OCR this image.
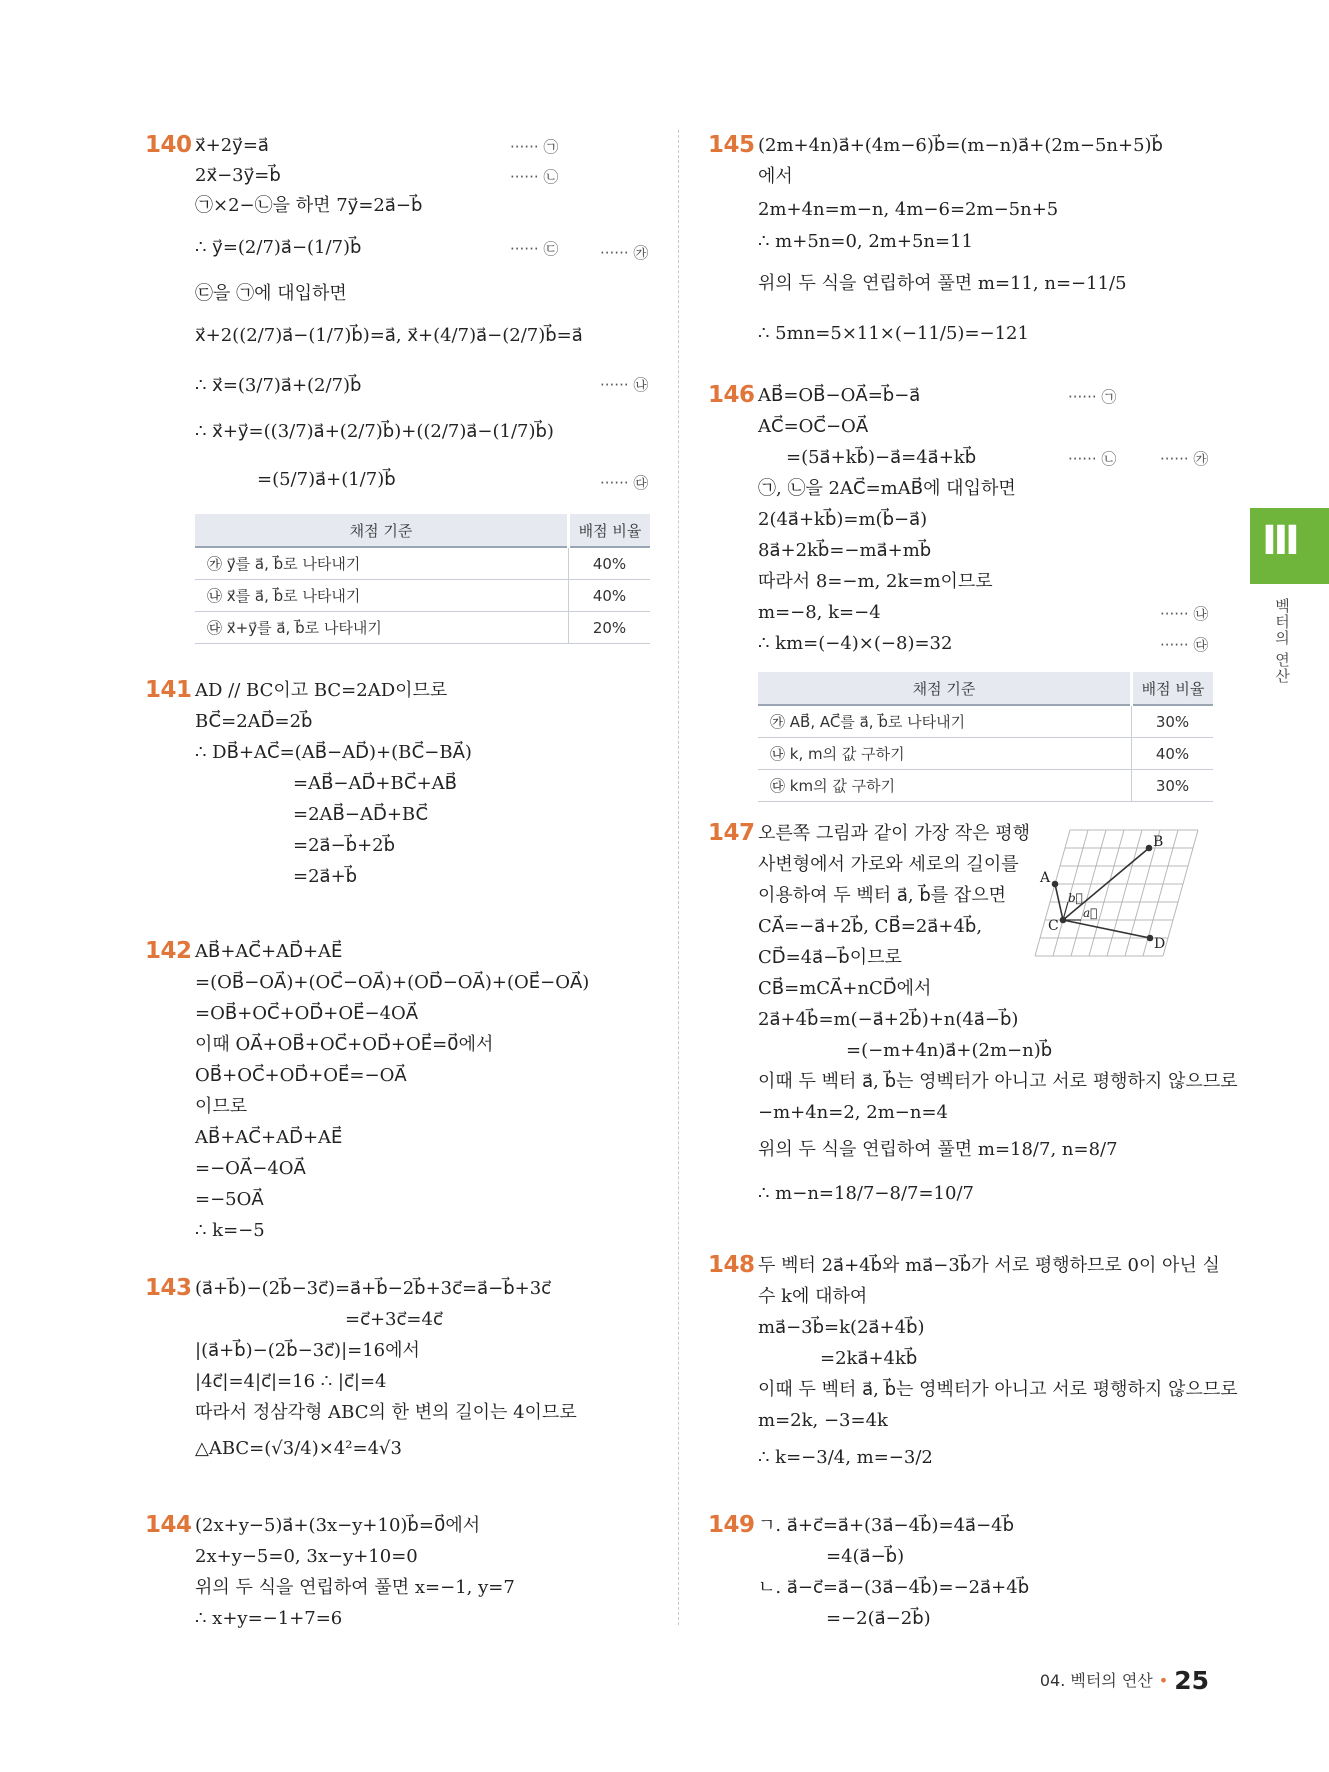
140 x⃗+2y⃗=a⃗	······ ㉠
2x⃗−3y⃗=b⃗	······ ㉡
㉠×2−㉡을 하면 7y⃗=2a⃗−b⃗
∴ y⃗=(2/7)a⃗−(1/7)b⃗	······ ㉢	······ ㉮
㉢을 ㉠에 대입하면
x⃗+2((2/7)a⃗−(1/7)b⃗)=a⃗, x⃗+(4/7)a⃗−(2/7)b⃗=a⃗
∴ x⃗=(3/7)a⃗+(2/7)b⃗	······ ㉯
∴ x⃗+y⃗=((3/7)a⃗+(2/7)b⃗)+((2/7)a⃗−(1/7)b⃗)
=(5/7)a⃗+(1/7)b⃗	······ ㉰
채점 기준	배점 비율
㉮ y⃗를 a⃗, b⃗로 나타내기	40%
㉯ x⃗를 a⃗, b⃗로 나타내기	40%
㉰ x⃗+y⃗를 a⃗, b⃗로 나타내기	20%
141 AD // BC이고 BC=2AD이므로
BC⃗=2AD⃗=2b⃗
∴ DB⃗+AC⃗=(AB⃗−AD⃗)+(BC⃗−BA⃗)
=AB⃗−AD⃗+BC⃗+AB⃗
=2AB⃗−AD⃗+BC⃗
=2a⃗−b⃗+2b⃗
=2a⃗+b⃗
142 AB⃗+AC⃗+AD⃗+AE⃗
=(OB⃗−OA⃗)+(OC⃗−OA⃗)+(OD⃗−OA⃗)+(OE⃗−OA⃗)
=OB⃗+OC⃗+OD⃗+OE⃗−4OA⃗
이때 OA⃗+OB⃗+OC⃗+OD⃗+OE⃗=0⃗에서
OB⃗+OC⃗+OD⃗+OE⃗=−OA⃗
이므로
AB⃗+AC⃗+AD⃗+AE⃗
=−OA⃗−4OA⃗
=−5OA⃗
∴ k=−5
143 (a⃗+b⃗)−(2b⃗−3c⃗)=a⃗+b⃗−2b⃗+3c⃗=a⃗−b⃗+3c⃗
=c⃗+3c⃗=4c⃗
|(a⃗+b⃗)−(2b⃗−3c⃗)|=16에서
|4c⃗|=4|c⃗|=16 ∴ |c⃗|=4
따라서 정삼각형 ABC의 한 변의 길이는 4이므로
△ABC=(√3/4)×4²=4√3
144 (2x+y−5)a⃗+(3x−y+10)b⃗=0⃗에서
2x+y−5=0, 3x−y+10=0
위의 두 식을 연립하여 풀면 x=−1, y=7
∴ x+y=−1+7=6
145 (2m+4n)a⃗+(4m−6)b⃗=(m−n)a⃗+(2m−5n+5)b⃗
에서
2m+4n=m−n, 4m−6=2m−5n+5
∴ m+5n=0, 2m+5n=11
위의 두 식을 연립하여 풀면 m=11, n=−11/5
∴ 5mn=5×11×(−11/5)=−121
146 AB⃗=OB⃗−OA⃗=b⃗−a⃗	······ ㉠
AC⃗=OC⃗−OA⃗
=(5a⃗+kb⃗)−a⃗=4a⃗+kb⃗	······ ㉡	······ ㉮
㉠, ㉡을 2AC⃗=mAB⃗에 대입하면
2(4a⃗+kb⃗)=m(b⃗−a⃗)
8a⃗+2kb⃗=−ma⃗+mb⃗
따라서 8=−m, 2k=m이므로
m=−8, k=−4	······ ㉯
∴ km=(−4)×(−8)=32	······ ㉰
채점 기준	배점 비율
㉮ AB⃗, AC⃗를 a⃗, b⃗로 나타내기	30%
㉯ k, m의 값 구하기	40%
㉰ km의 값 구하기	30%
147 오른쪽 그림과 같이 가장 작은 평행
사변형에서 가로와 세로의 길이를
이용하여 두 벡터 a⃗, b⃗를 잡으면
CA⃗=−a⃗+2b⃗, CB⃗=2a⃗+4b⃗,
CD⃗=4a⃗−b⃗이므로
CB⃗=mCA⃗+nCD⃗에서
2a⃗+4b⃗=m(−a⃗+2b⃗)+n(4a⃗−b⃗)
=(−m+4n)a⃗+(2m−n)b⃗
이때 두 벡터 a⃗, b⃗는 영벡터가 아니고 서로 평행하지 않으므로
−m+4n=2, 2m−n=4
위의 두 식을 연립하여 풀면 m=18/7, n=8/7
∴ m−n=18/7−8/7=10/7
B
D
A
C
a⃗
b⃗
148 두 벡터 2a⃗+4b⃗와 ma⃗−3b⃗가 서로 평행하므로 0이 아닌 실
수 k에 대하여
ma⃗−3b⃗=k(2a⃗+4b⃗)
=2ka⃗+4kb⃗
이때 두 벡터 a⃗, b⃗는 영벡터가 아니고 서로 평행하지 않으므로
m=2k, −3=4k
∴ k=−3/4, m=−3/2
149 ㄱ. a⃗+c⃗=a⃗+(3a⃗−4b⃗)=4a⃗−4b⃗
=4(a⃗−b⃗)
ㄴ. a⃗−c⃗=a⃗−(3a⃗−4b⃗)=−2a⃗+4b⃗
=−2(a⃗−2b⃗)
Ⅲ
벡터의 연산
04. 벡터의 연산 • 25
